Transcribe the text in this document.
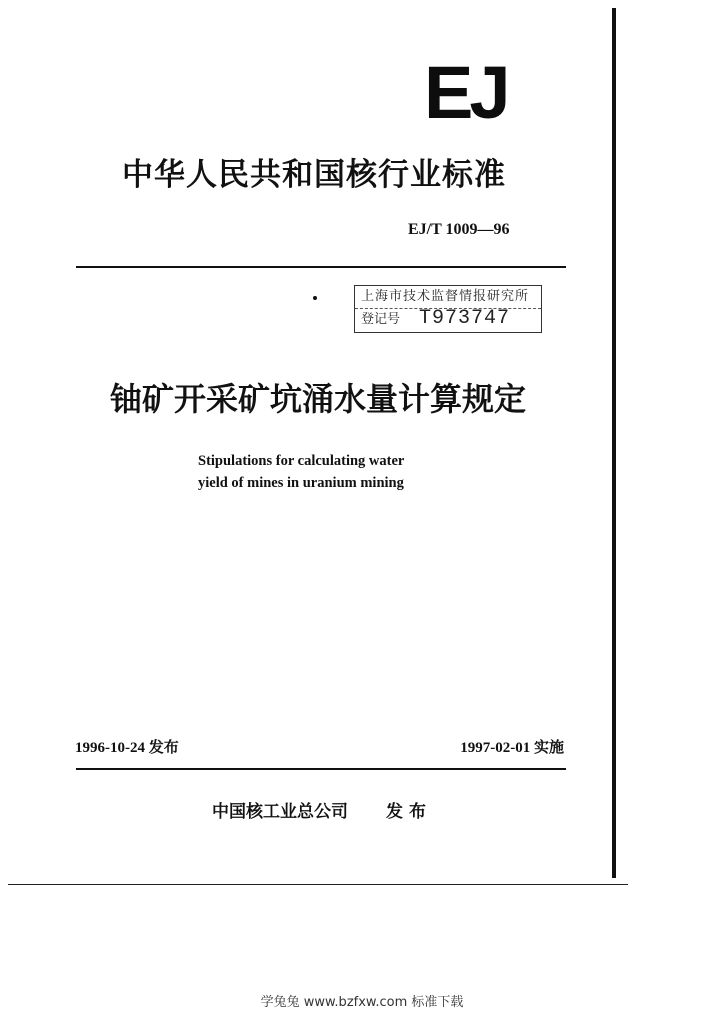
EJ
中华人民共和国核行业标准
EJ/T 1009—96
上海市技术监督情报研究所
登记号 T973747
铀矿开采矿坑涌水量计算规定
Stipulations for calculating water
yield of mines in uranium mining
1996-10-24 发布	1997-02-01 实施
中国核工业总公司 发布
学兔兔 www.bzfxw.com 标准下载
